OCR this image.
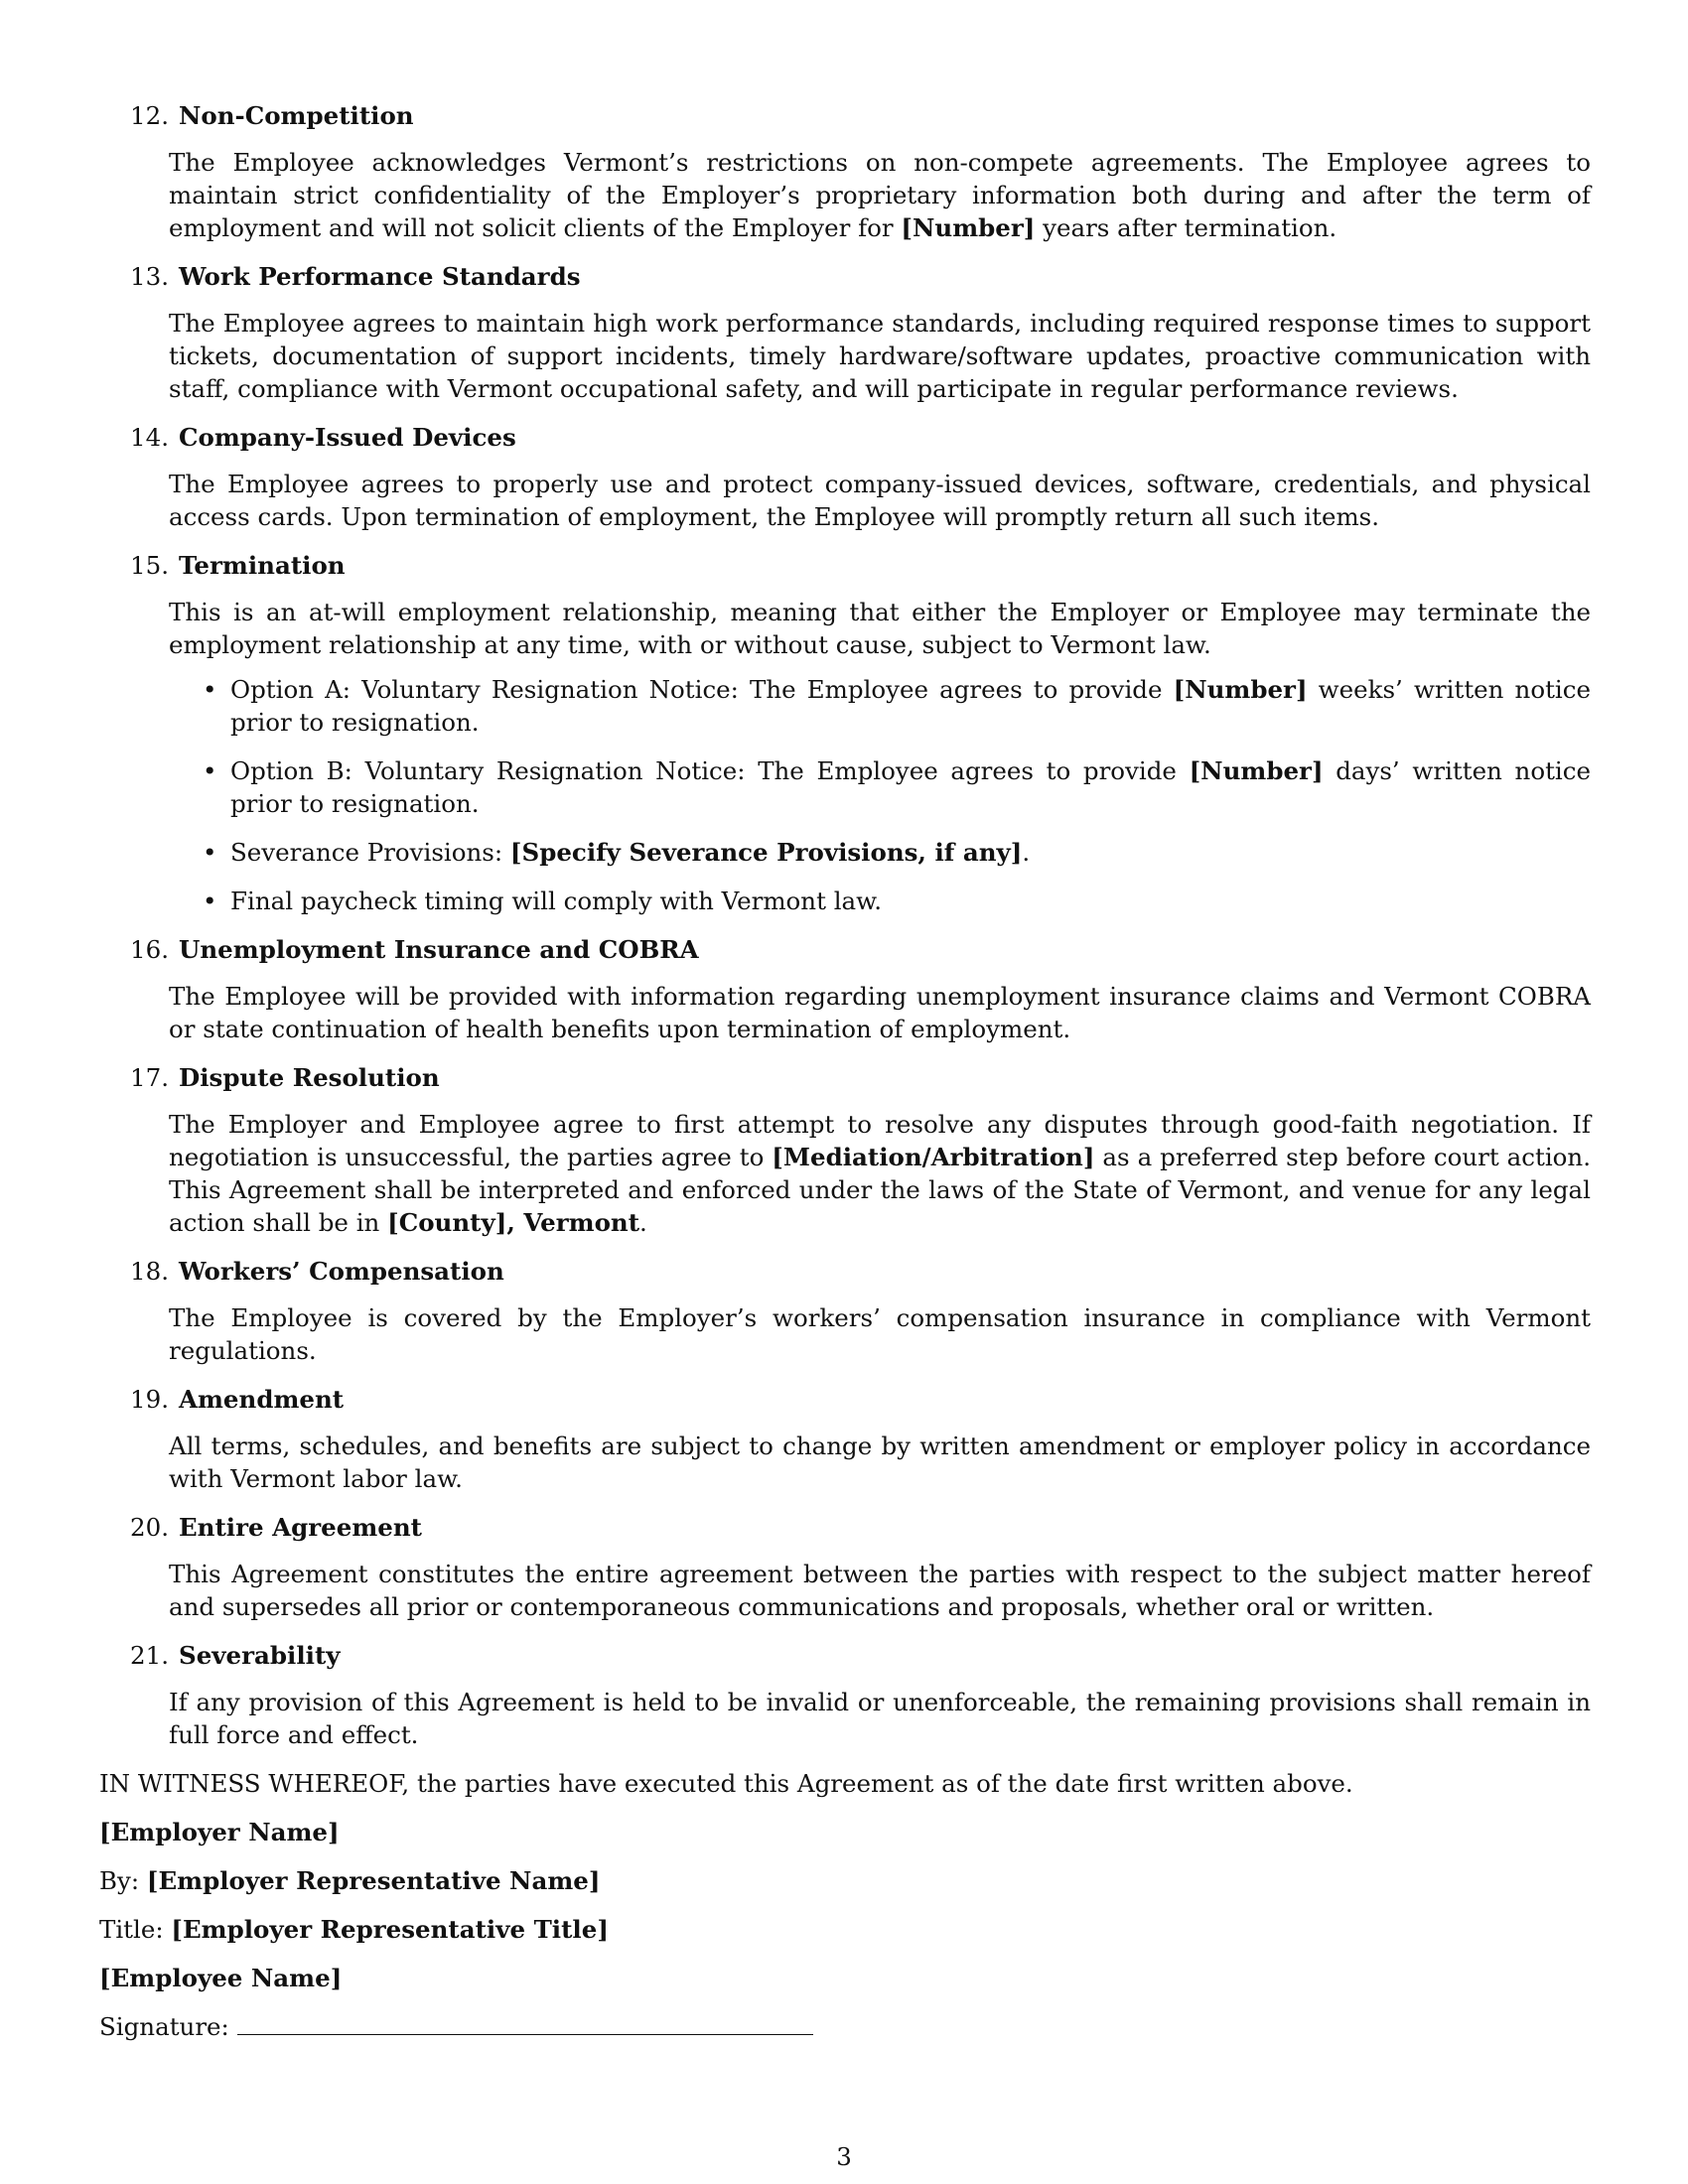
12. Non-Competition

The Employee acknowledges Vermont’s restrictions on non-compete agreements. The Employee agrees to maintain strict confidentiality of the Employer’s proprietary information both during and after the term of employment and will not solicit clients of the Employer for [Number] years after termination.

13. Work Performance Standards

The Employee agrees to maintain high work performance standards, including required response times to support tickets, documentation of support incidents, timely hardware/software updates, proactive communication with staff, compliance with Vermont occupational safety, and will participate in regular performance reviews.

14. Company-Issued Devices

The Employee agrees to properly use and protect company-issued devices, software, credentials, and physical access cards. Upon termination of employment, the Employee will promptly return all such items.

15. Termination

This is an at-will employment relationship, meaning that either the Employer or Employee may terminate the employment relationship at any time, with or without cause, subject to Vermont law.

• Option A: Voluntary Resignation Notice: The Employee agrees to provide [Number] weeks’ written notice prior to resignation.
• Option B: Voluntary Resignation Notice: The Employee agrees to provide [Number] days’ written notice prior to resignation.
• Severance Provisions: [Specify Severance Provisions, if any].
• Final paycheck timing will comply with Vermont law.
16. Unemployment Insurance and COBRA

The Employee will be provided with information regarding unemployment insurance claims and Vermont COBRA or state continuation of health benefits upon termination of employment.

17. Dispute Resolution

The Employer and Employee agree to first attempt to resolve any disputes through good-faith negotiation. If negotiation is unsuccessful, the parties agree to [Mediation/Arbitration] as a preferred step before court action. This Agreement shall be interpreted and enforced under the laws of the State of Vermont, and venue for any legal action shall be in [County], Vermont.

18. Workers’ Compensation

The Employee is covered by the Employer’s workers’ compensation insurance in compliance with Vermont regulations.

19. Amendment

All terms, schedules, and benefits are subject to change by written amendment or employer policy in accordance with Vermont labor law.

20. Entire Agreement

This Agreement constitutes the entire agreement between the parties with respect to the subject matter hereof and supersedes all prior or contemporaneous communications and proposals, whether oral or written.

21. Severability

If any provision of this Agreement is held to be invalid or unenforceable, the remaining provisions shall remain in full force and effect.

IN WITNESS WHEREOF, the parties have executed this Agreement as of the date first written above.
[Employer Name]
By: [Employer Representative Name]
Title: [Employer Representative Title]
[Employee Name]
Signature:
3
